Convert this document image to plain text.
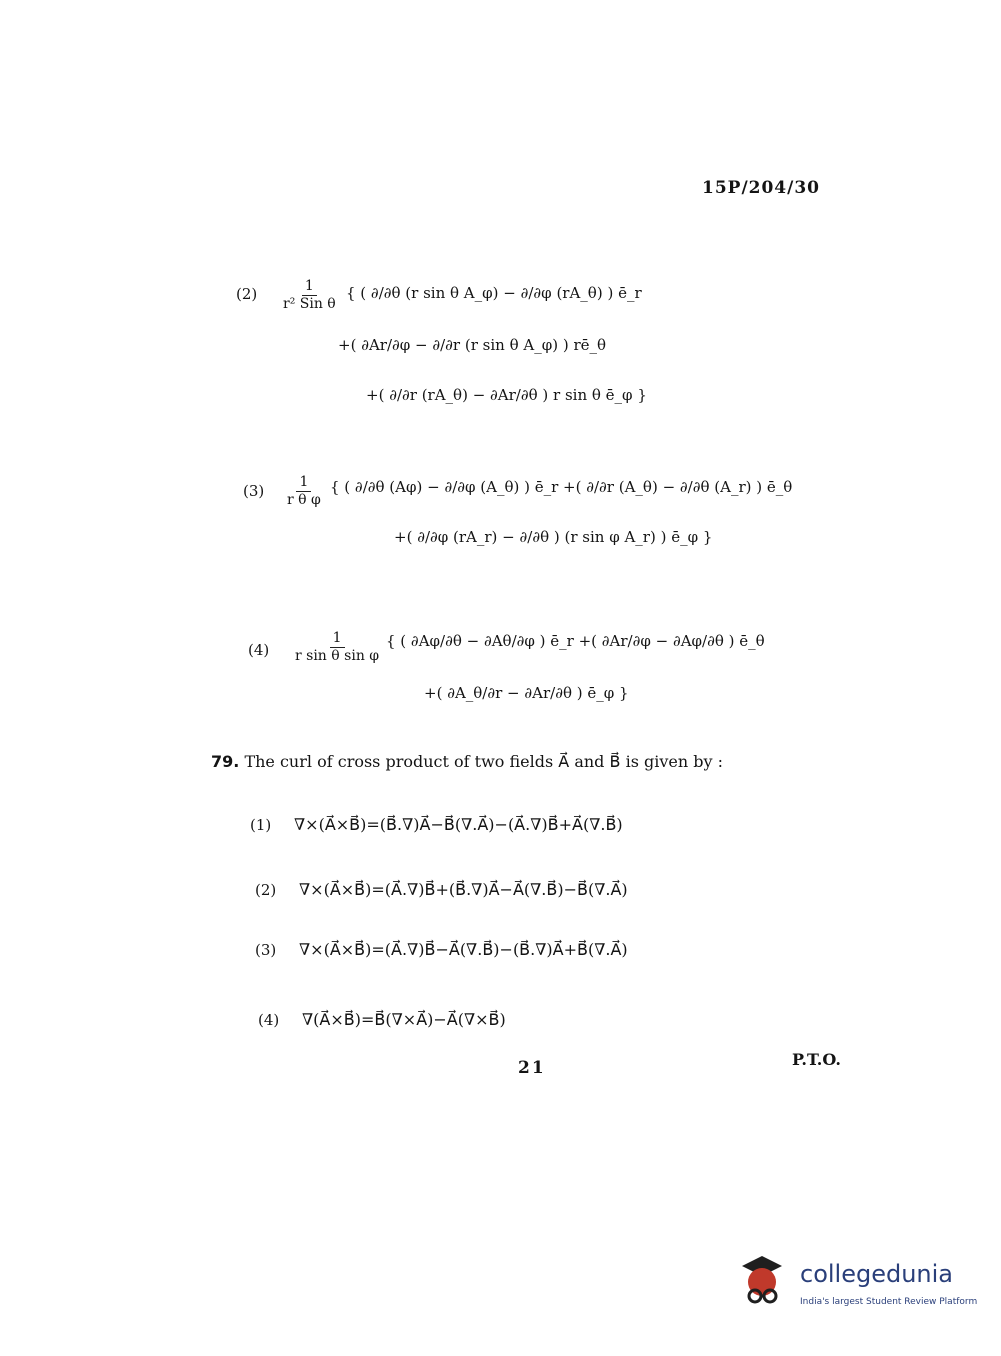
15P/204/30
$(2) \frac{1}{\text{r² Sin θ}}$ { ( ∂/∂θ (r sin θ A_φ) − ∂/∂φ (rA_θ) ) ē_r
+( ∂Ar/∂φ − ∂/∂r (r sin θ A_φ) ) rē_θ
+( ∂/∂r (rA_θ) − ∂Ar/∂θ ) r sin θ ē_φ }
$(3) \frac{1}{\text{r θ φ}}$ { ( ∂/∂θ (Aφ) − ∂/∂φ (A_θ) ) ē_r +( ∂/∂r (A_θ) − ∂/∂θ (A_r) ) ē_θ
+( ∂/∂φ (rA_r) − ∂/∂θ ) (r sin φ A_r) ) ē_φ }
$(4) \frac{1}{\text{r sin θ sin φ}}$ { ( ∂Aφ/∂θ − ∂Aθ/∂φ ) ē_r +( ∂Ar/∂φ − ∂Aφ/∂θ ) ē_θ
+( ∂A_θ/∂r − ∂Ar/∂θ ) ē_φ }
79. The curl of cross product of two fields A⃗ and B⃗ is given by :
(1)	∇×(A⃗×B⃗)=(B⃗.∇)A⃗−B⃗(∇.A⃗)−(A⃗.∇)B⃗+A⃗(∇.B⃗)
(2)	∇×(A⃗×B⃗)=(A⃗.∇)B⃗+(B⃗.∇)A⃗−A⃗(∇.B⃗)−B⃗(∇.A⃗)
(3)	∇×(A⃗×B⃗)=(A⃗.∇)B⃗−A⃗(∇.B⃗)−(B⃗.∇)A⃗+B⃗(∇.A⃗)
(4)	∇(A⃗×B⃗)=B⃗(∇×A⃗)−A⃗(∇×B⃗)
21	P.T.O.
collegedunia
India's largest Student Review Platform
